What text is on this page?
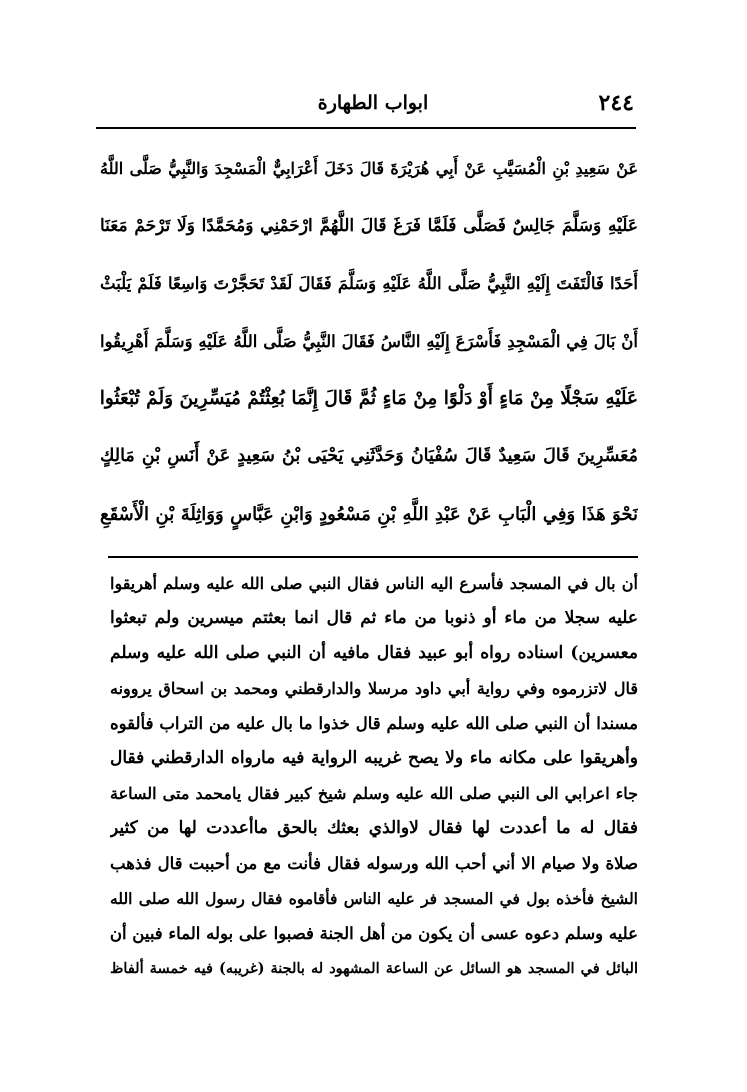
٢٤٤
ابواب الطهارة
عَنْ سَعِيدِ بْنِ الْمُسَيَّبِ عَنْ أَبِي هُرَيْرَةَ قَالَ دَخَلَ أَعْرَابِيٌّ الْمَسْجِدَ وَالنَّبِيُّ صَلَّى اللَّهُ
عَلَيْهِ وَسَلَّمَ جَالِسٌ فَصَلَّى فَلَمَّا فَرَغَ قَالَ اللَّهُمَّ ارْحَمْنِي وَمُحَمَّدًا وَلَا تَرْحَمْ مَعَنَا
أَحَدًا فَالْتَفَتَ إِلَيْهِ النَّبِيُّ صَلَّى اللَّهُ عَلَيْهِ وَسَلَّمَ فَقَالَ لَقَدْ تَحَجَّرْتَ وَاسِعًا فَلَمْ يَلْبَثْ
أَنْ بَالَ فِي الْمَسْجِدِ فَأَسْرَعَ إِلَيْهِ النَّاسُ فَقَالَ النَّبِيُّ صَلَّى اللَّهُ عَلَيْهِ وَسَلَّمَ أَهْرِيقُوا
عَلَيْهِ سَجْلًا مِنْ مَاءٍ أَوْ دَلْوًا مِنْ مَاءٍ ثُمَّ قَالَ إِنَّمَا بُعِثْتُمْ مُيَسِّرِينَ وَلَمْ تُبْعَثُوا
مُعَسِّرِينَ قَالَ سَعِيدٌ قَالَ سُفْيَانُ وَحَدَّثَنِي يَحْيَى بْنُ سَعِيدٍ عَنْ أَنَسِ بْنِ مَالِكٍ
نَحْوَ هَذَا وَفِي الْبَابِ عَنْ عَبْدِ اللَّهِ بْنِ مَسْعُودٍ وَابْنِ عَبَّاسٍ وَوَاثِلَةَ بْنِ الْأَسْقَعِ
أن بال في المسجد فأسرع اليه الناس فقال النبي صلى الله عليه وسلم أهريقوا
عليه سجلا من ماء أو ذنوبا من ماء ثم قال انما بعثتم ميسرين ولم تبعثوا
معسرين) اسناده رواه أبو عبيد فقال مافيه أن النبي صلى الله عليه وسلم
قال لاتزرموه وفي رواية أبي داود مرسلا والدارقطني ومحمد بن اسحاق يروونه
مسندا أن النبي صلى الله عليه وسلم قال خذوا ما بال عليه من التراب فألقوه
وأهريقوا على مكانه ماء ولا يصح غريبه الرواية فيه مارواه الدارقطني فقال
جاء اعرابي الى النبي صلى الله عليه وسلم شيخ كبير فقال يامحمد متى الساعة
فقال له ما أعددت لها فقال لاوالذي بعثك بالحق ماأعددت لها من كثير
صلاة ولا صيام الا أني أحب الله ورسوله فقال فأنت مع من أحببت قال فذهب
الشيخ فأخذه بول في المسجد فر عليه الناس فأقاموه فقال رسول الله صلى الله
عليه وسلم دعوه عسى أن يكون من أهل الجنة فصبوا على بوله الماء فبين أن
البائل في المسجد هو السائل عن الساعة المشهود له بالجنة (غريبه) فيه خمسة ألفاظ
